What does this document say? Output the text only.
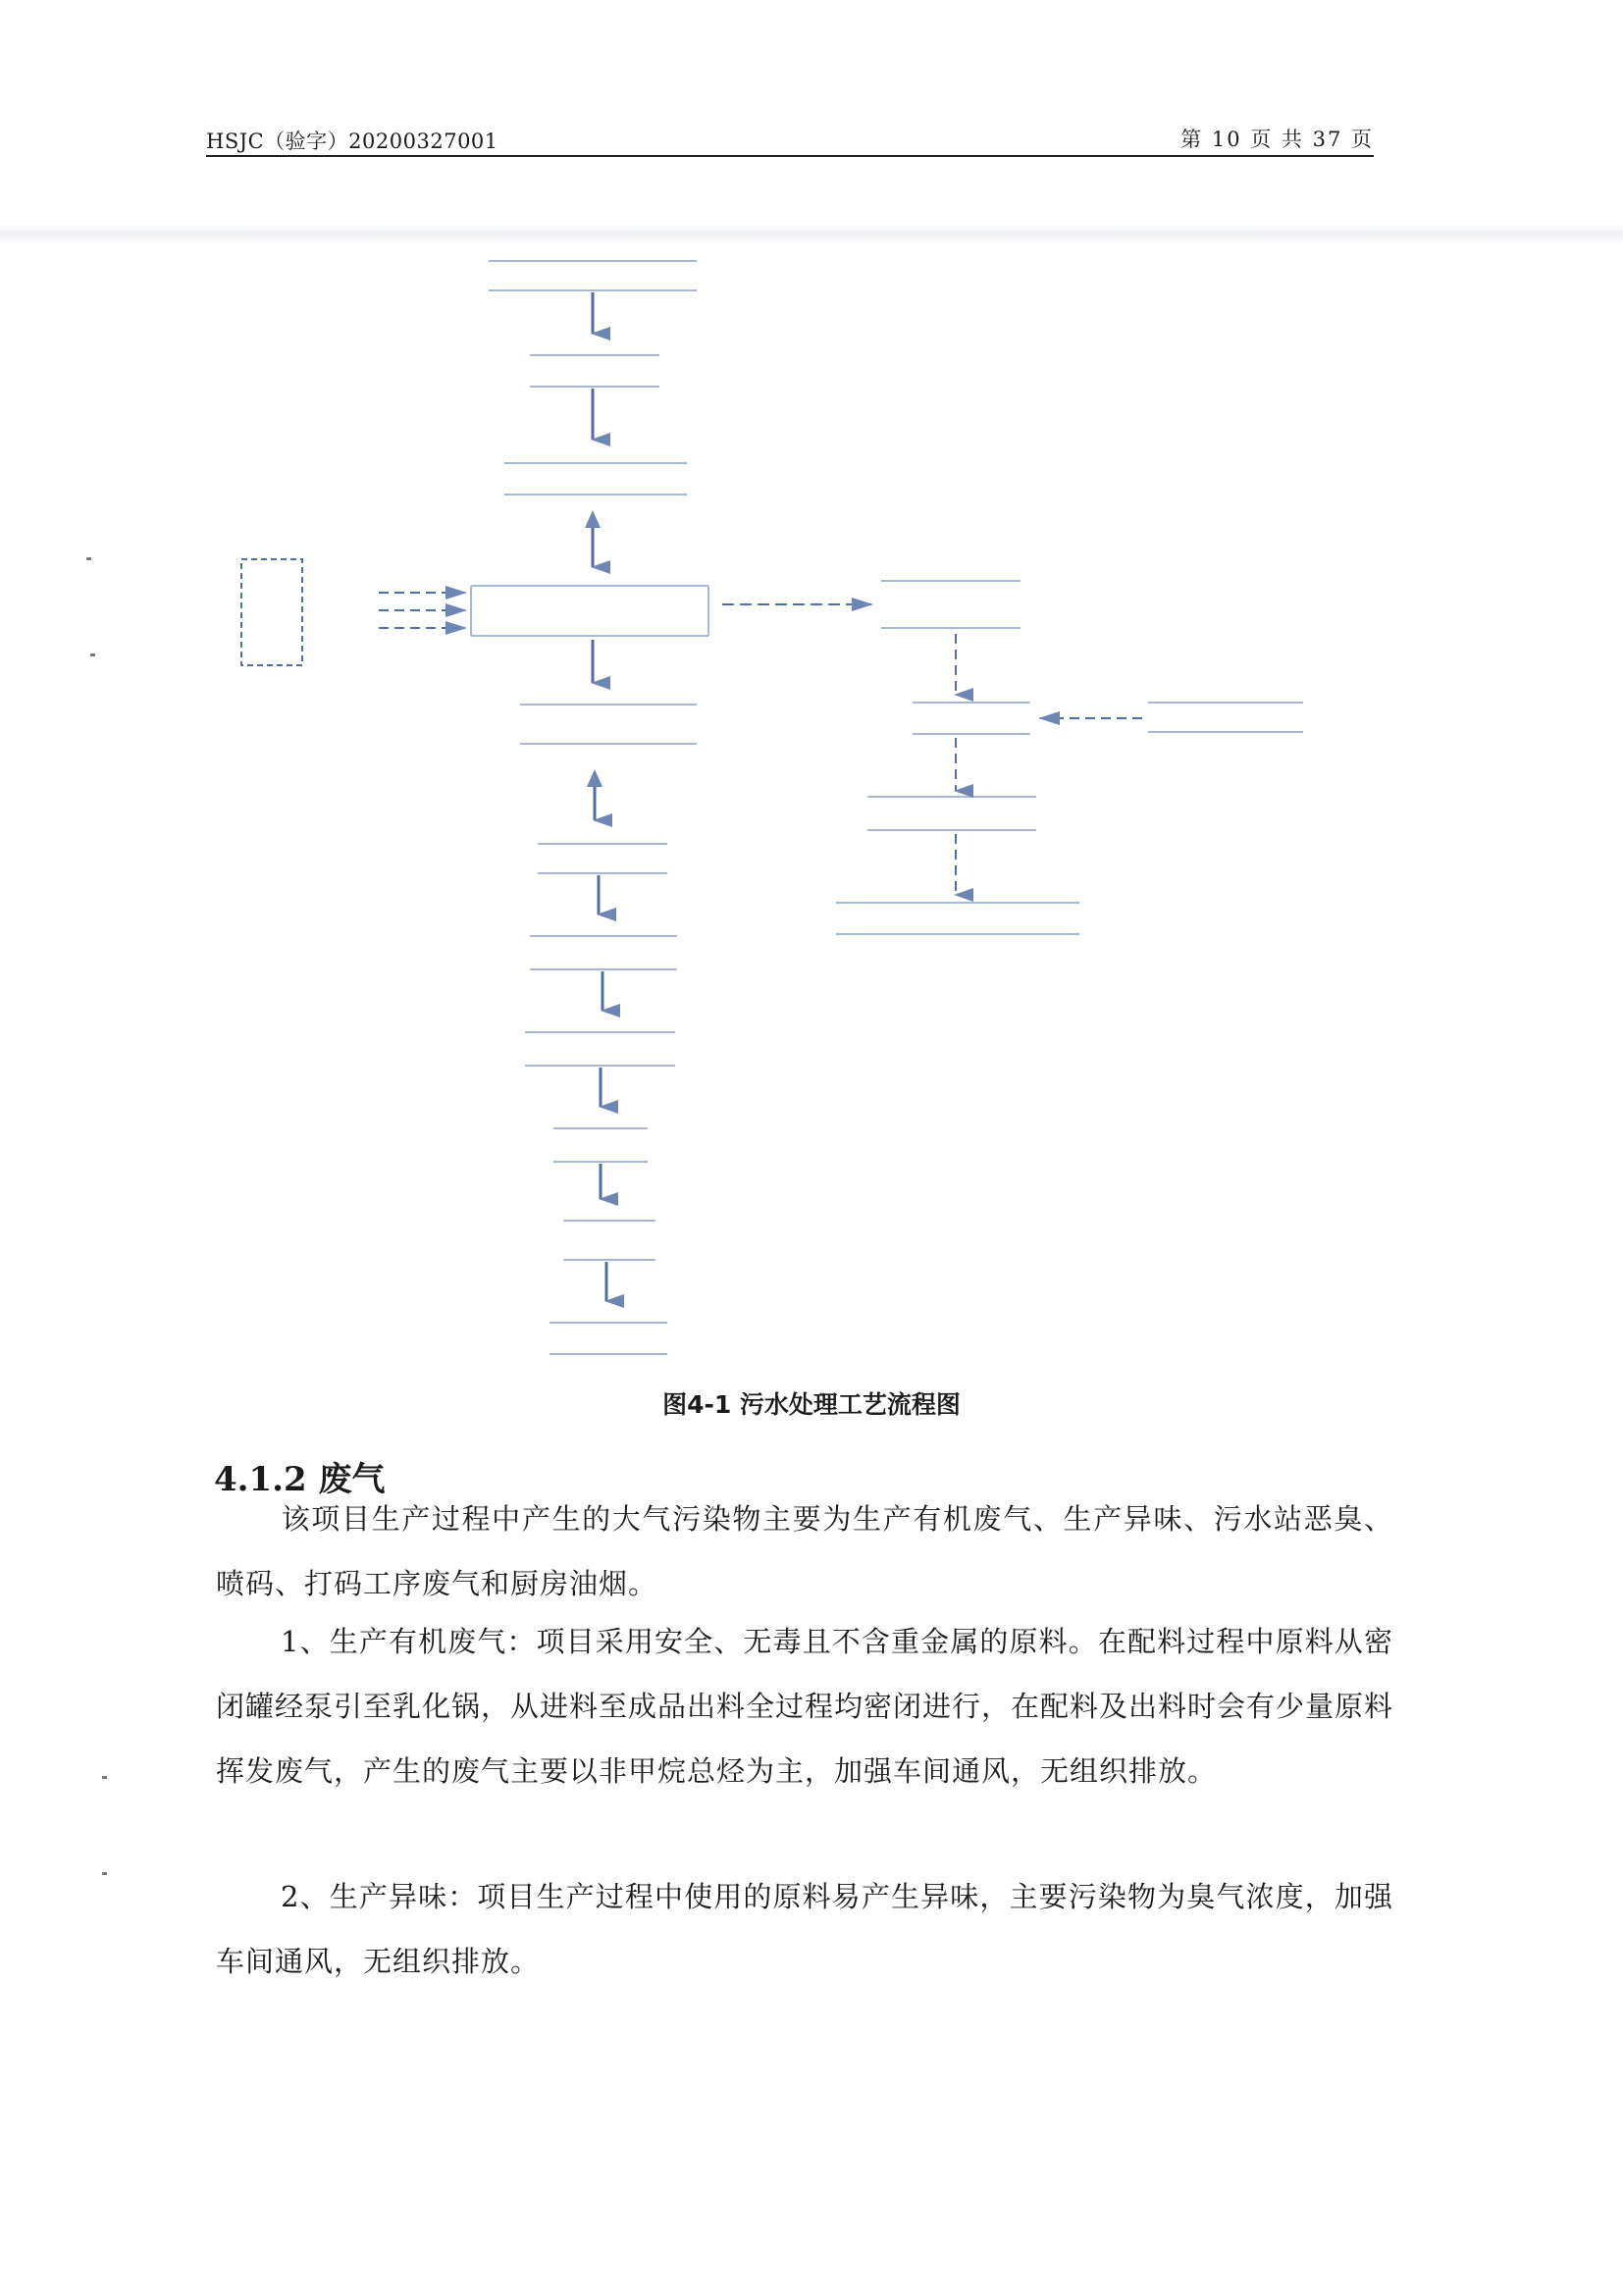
HSJC（验字）20200327001	第 10 页 共 37 页
图4-1 污水处理工艺流程图
4.1.2 废气
该项目生产过程中产生的大气污染物主要为生产有机废气、生产异味、污水站恶臭、喷码、打码工序废气和厨房油烟。
1、生产有机废气：项目采用安全、无毒且不含重金属的原料。在配料过程中原料从密闭罐经泵引至乳化锅，从进料至成品出料全过程均密闭进行，在配料及出料时会有少量原料挥发废气，产生的废气主要以非甲烷总烃为主，加强车间通风，无组织排放。
2、生产异味：项目生产过程中使用的原料易产生异味，主要污染物为臭气浓度，加强车间通风，无组织排放。
